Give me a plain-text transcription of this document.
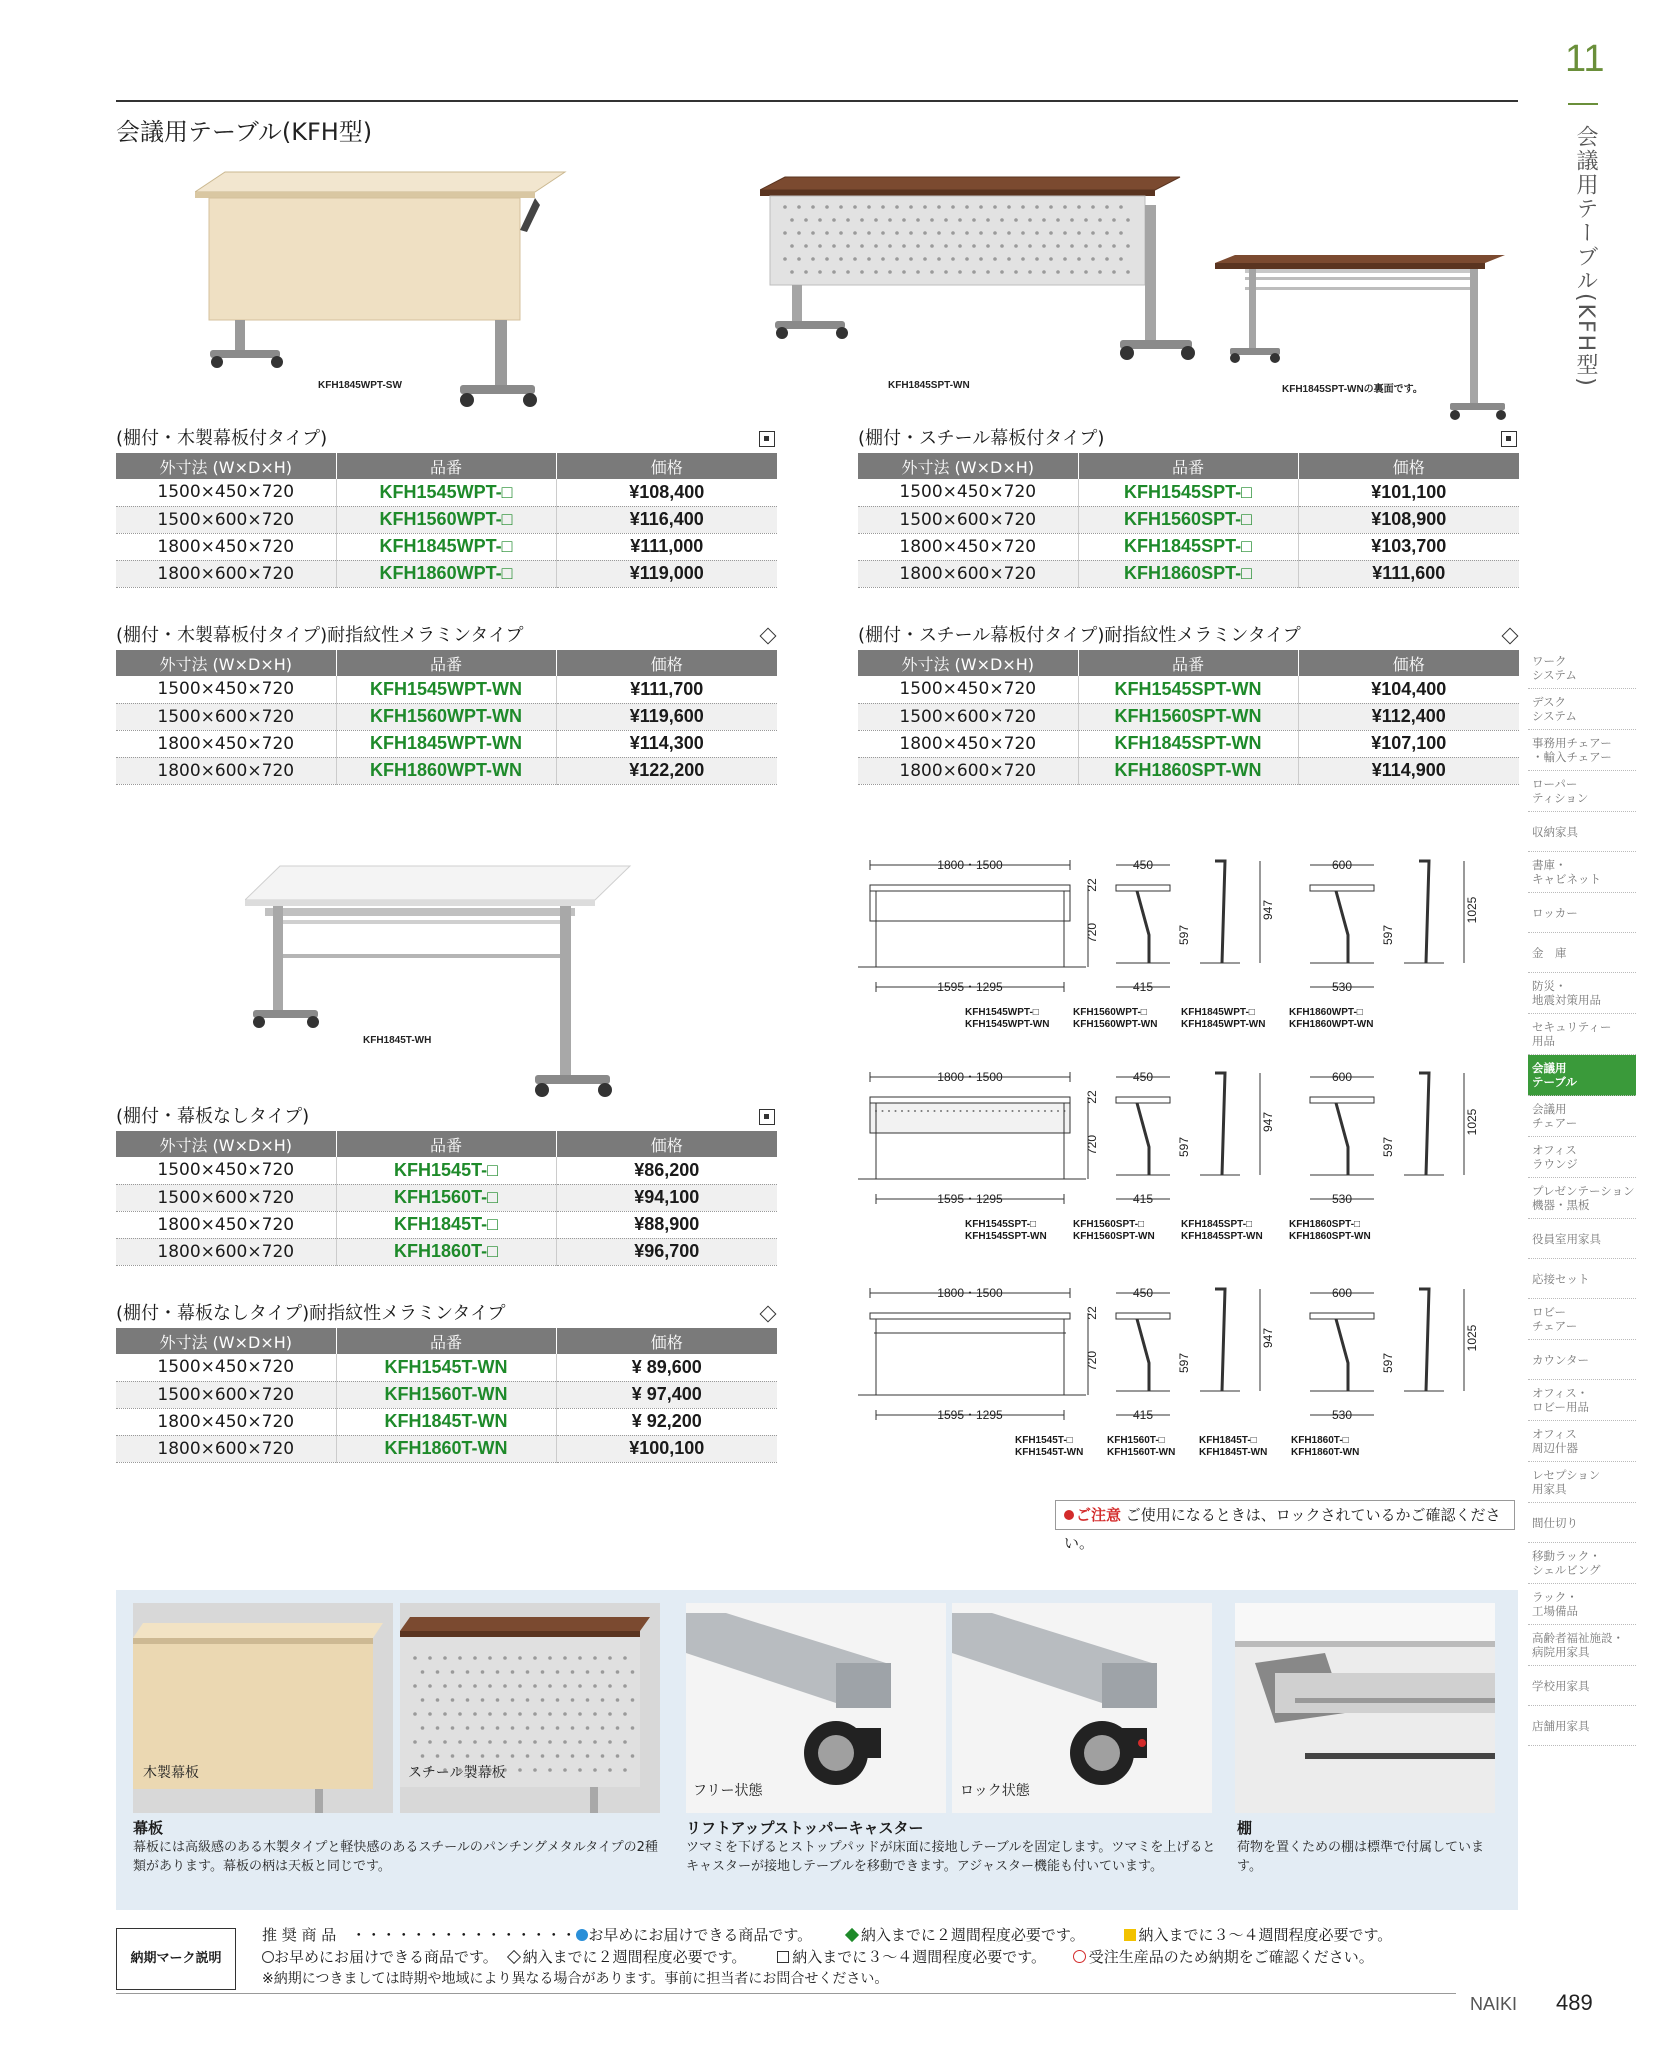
会議用テーブル(KFH型)
11
会議用テーブル(KFH型)
KFH1845WPT-SW	KFH1845SPT-WN	KFH1845SPT-WNの裏面です。
(棚付・木製幕板付タイプ)
外寸法 (W×D×H)	品番	価格
1500×450×720	KFH1545WPT-□	¥108,400
1500×600×720	KFH1560WPT-□	¥116,400
1800×450×720	KFH1845WPT-□	¥111,000
1800×600×720	KFH1860WPT-□	¥119,000
(棚付・スチール幕板付タイプ)
外寸法 (W×D×H)	品番	価格
1500×450×720	KFH1545SPT-□	¥101,100
1500×600×720	KFH1560SPT-□	¥108,900
1800×450×720	KFH1845SPT-□	¥103,700
1800×600×720	KFH1860SPT-□	¥111,600
(棚付・木製幕板付タイプ)耐指紋性メラミンタイプ
外寸法 (W×D×H)	品番	価格
1500×450×720	KFH1545WPT-WN	¥111,700
1500×600×720	KFH1560WPT-WN	¥119,600
1800×450×720	KFH1845WPT-WN	¥114,300
1800×600×720	KFH1860WPT-WN	¥122,200
(棚付・スチール幕板付タイプ)耐指紋性メラミンタイプ
外寸法 (W×D×H)	品番	価格
1500×450×720	KFH1545SPT-WN	¥104,400
1500×600×720	KFH1560SPT-WN	¥112,400
1800×450×720	KFH1845SPT-WN	¥107,100
1800×600×720	KFH1860SPT-WN	¥114,900
KFH1845T-WH
(棚付・幕板なしタイプ)
外寸法 (W×D×H)	品番	価格
1500×450×720	KFH1545T-□	¥86,200
1500×600×720	KFH1560T-□	¥94,100
1800×450×720	KFH1845T-□	¥88,900
1800×600×720	KFH1860T-□	¥96,700
(棚付・幕板なしタイプ)耐指紋性メラミンタイプ
外寸法 (W×D×H)	品番	価格
1500×450×720	KFH1545T-WN	¥ 89,600
1500×600×720	KFH1560T-WN	¥ 97,400
1800×450×720	KFH1845T-WN	¥ 92,200
1800×600×720	KFH1860T-WN	¥100,100
1800・1500
1595・1295
22
720
450
415
597
947
600
530
597
1025
1800・1500
1595・1295
22
720
450
415
597
947
600
530
597
1025
1800・1500
1595・1295
22
720
450
415
597
947
600
530
597
1025
ご注意 ご使用になるときは、ロックされているかご確認ください。
ワーク
システム
デスク
システム
事務用チェアー
・輸入チェアー
ローパー
ティション
収納家具
書庫・
キャビネット
ロッカー
金　庫
防災・
地震対策用品
セキュリティー
用品
会議用
テーブル
会議用
チェアー
オフィス
ラウンジ
プレゼンテーション
機器・黒板
役員室用家具
応接セット
ロビー
チェアー
カウンター
オフィス・
ロビー用品
オフィス
周辺什器
レセプション
用家具
間仕切り
移動ラック・
シェルビング
ラック・
工場備品
高齢者福祉施設・
病院用家具
学校用家具
店舗用家具
木製幕板	スチール製幕板
フリー状態	ロック状態
幕板
幕板には高級感のある木製タイプと軽快感のあるスチールのパンチングメタルタイプの2種類があります。幕板の柄は天板と同じです。
リフトアップストッパーキャスター
ツマミを下げるとストップパッドが床面に接地しテーブルを固定します。ツマミを上げるとキャスターが接地しテーブルを移動できます。アジャスター機能も付いています。
棚
荷物を置くための棚は標準で付属しています。
納期マーク説明
推 奨 商 品　・・・・・・・・・・・・・・・ お早めにお届けできる商品です。	納入までに２週間程度必要です。	納入までに３～４週間程度必要です。
お早めにお届けできる商品です。 納入までに２週間程度必要です。	納入までに３～４週間程度必要です。	受注生産品のため納期をご確認ください。
※納期につきましては時期や地域により異なる場合があります。事前に担当者にお問合せください。
NAIKI 489
KFH1545WPT-□	KFH1560WPT-□	KFH1845WPT-□	KFH1860WPT-□
KFH1545WPT-WN KFH1560WPT-WN KFH1845WPT-WN KFH1860WPT-WN
KFH1545SPT-□	KFH1560SPT-□	KFH1845SPT-□	KFH1860SPT-□
KFH1545SPT-WN	KFH1560SPT-WN	KFH1845SPT-WN	KFH1860SPT-WN
KFH1545T-□	KFH1560T-□	KFH1845T-□	KFH1860T-□
KFH1545T-WN KFH1560T-WN KFH1845T-WN KFH1860T-WN
